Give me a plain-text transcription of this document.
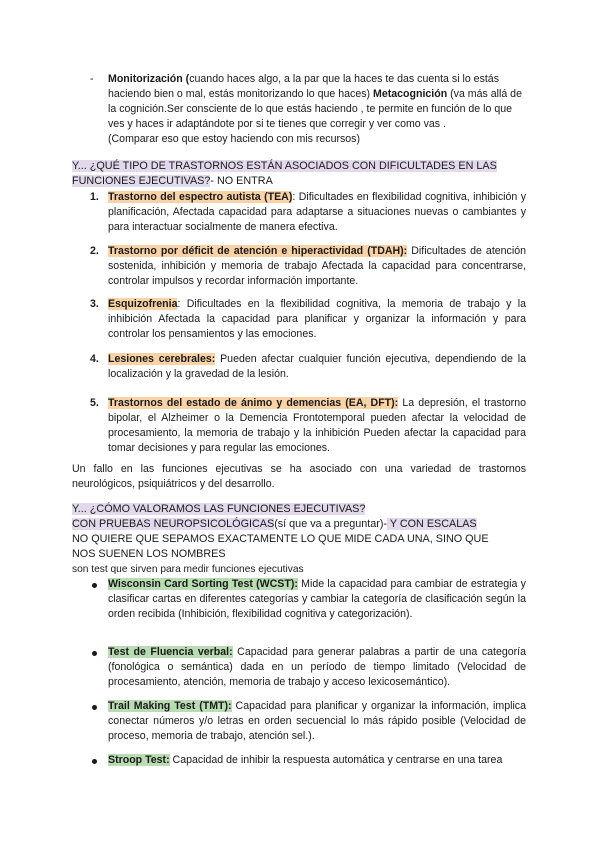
- Monitorización (cuando haces algo, a la par que la haces te das cuenta si lo estás haciendo bien o mal, estás monitorizando lo que haces) Metacognición (va más allá de la cognición.Ser consciente de lo que estás haciendo , te permite en función de lo que ves y haces ir adaptándote por si te tienes que corregir y ver como vas .
(Comparar eso que estoy haciendo con mis recursos)

Y... ¿QUÉ TIPO DE TRASTORNOS ESTÁN ASOCIADOS CON DIFICULTADES EN LAS
FUNCIONES EJECUTIVAS?- NO ENTRA

1. Trastorno del espectro autista (TEA): Dificultades en flexibilidad cognitiva, inhibición y planificación, Afectada capacidad para adaptarse a situaciones nuevas o cambiantes y para interactuar socialmente de manera efectiva.

2. Trastorno por déficit de atención e hiperactividad (TDAH): Dificultades de atención sostenida, inhibición y memoria de trabajo Afectada la capacidad para concentrarse, controlar impulsos y recordar información importante.

3. Esquizofrenia: Dificultades en la flexibilidad cognitiva, la memoria de trabajo y la inhibición Afectada la capacidad para planificar y organizar la información y para controlar los pensamientos y las emociones.

4. Lesiones cerebrales: Pueden afectar cualquier función ejecutiva, dependiendo de la localización y la gravedad de la lesión.

5. Trastornos del estado de ánimo y demencias (EA, DFT): La depresión, el trastorno bipolar, el Alzheimer o la Demencia Frontotemporal pueden afectar la velocidad de procesamiento, la memoria de trabajo y la inhibición Pueden afectar la capacidad para tomar decisiones y para regular las emociones.

Un fallo en las funciones ejecutivas se ha asociado con una variedad de trastornos neurológicos, psiquiátricos y del desarrollo.

Y... ¿CÓMO VALORAMOS LAS FUNCIONES EJECUTIVAS?
CON PRUEBAS NEUROPSICOLÓGICAS(sí que va a preguntar)- Y CON ESCALAS
NO QUIERE QUE SEPAMOS EXACTAMENTE LO QUE MIDE CADA UNA, SINO QUE
NOS SUENEN LOS NOMBRES

son test que sirven para medir funciones ejecutivas

Wisconsin Card Sorting Test (WCST): Mide la capacidad para cambiar de estrategia y clasificar cartas en diferentes categorías y cambiar la categoría de clasificación según la orden recibida (Inhibición, flexibilidad cognitiva y categorización).

Test de Fluencia verbal: Capacidad para generar palabras a partir de una categoría (fonológica o semántica) dada en un período de tiempo limitado (Velocidad de procesamiento, atención, memoria de trabajo y acceso lexicosemántico).

Trail Making Test (TMT): Capacidad para planificar y organizar la información, implica conectar números y/o letras en orden secuencial lo más rápido posible (Velocidad de proceso, memoria de trabajo, atención sel.).

Stroop Test: Capacidad de inhibir la respuesta automática y centrarse en una tarea
